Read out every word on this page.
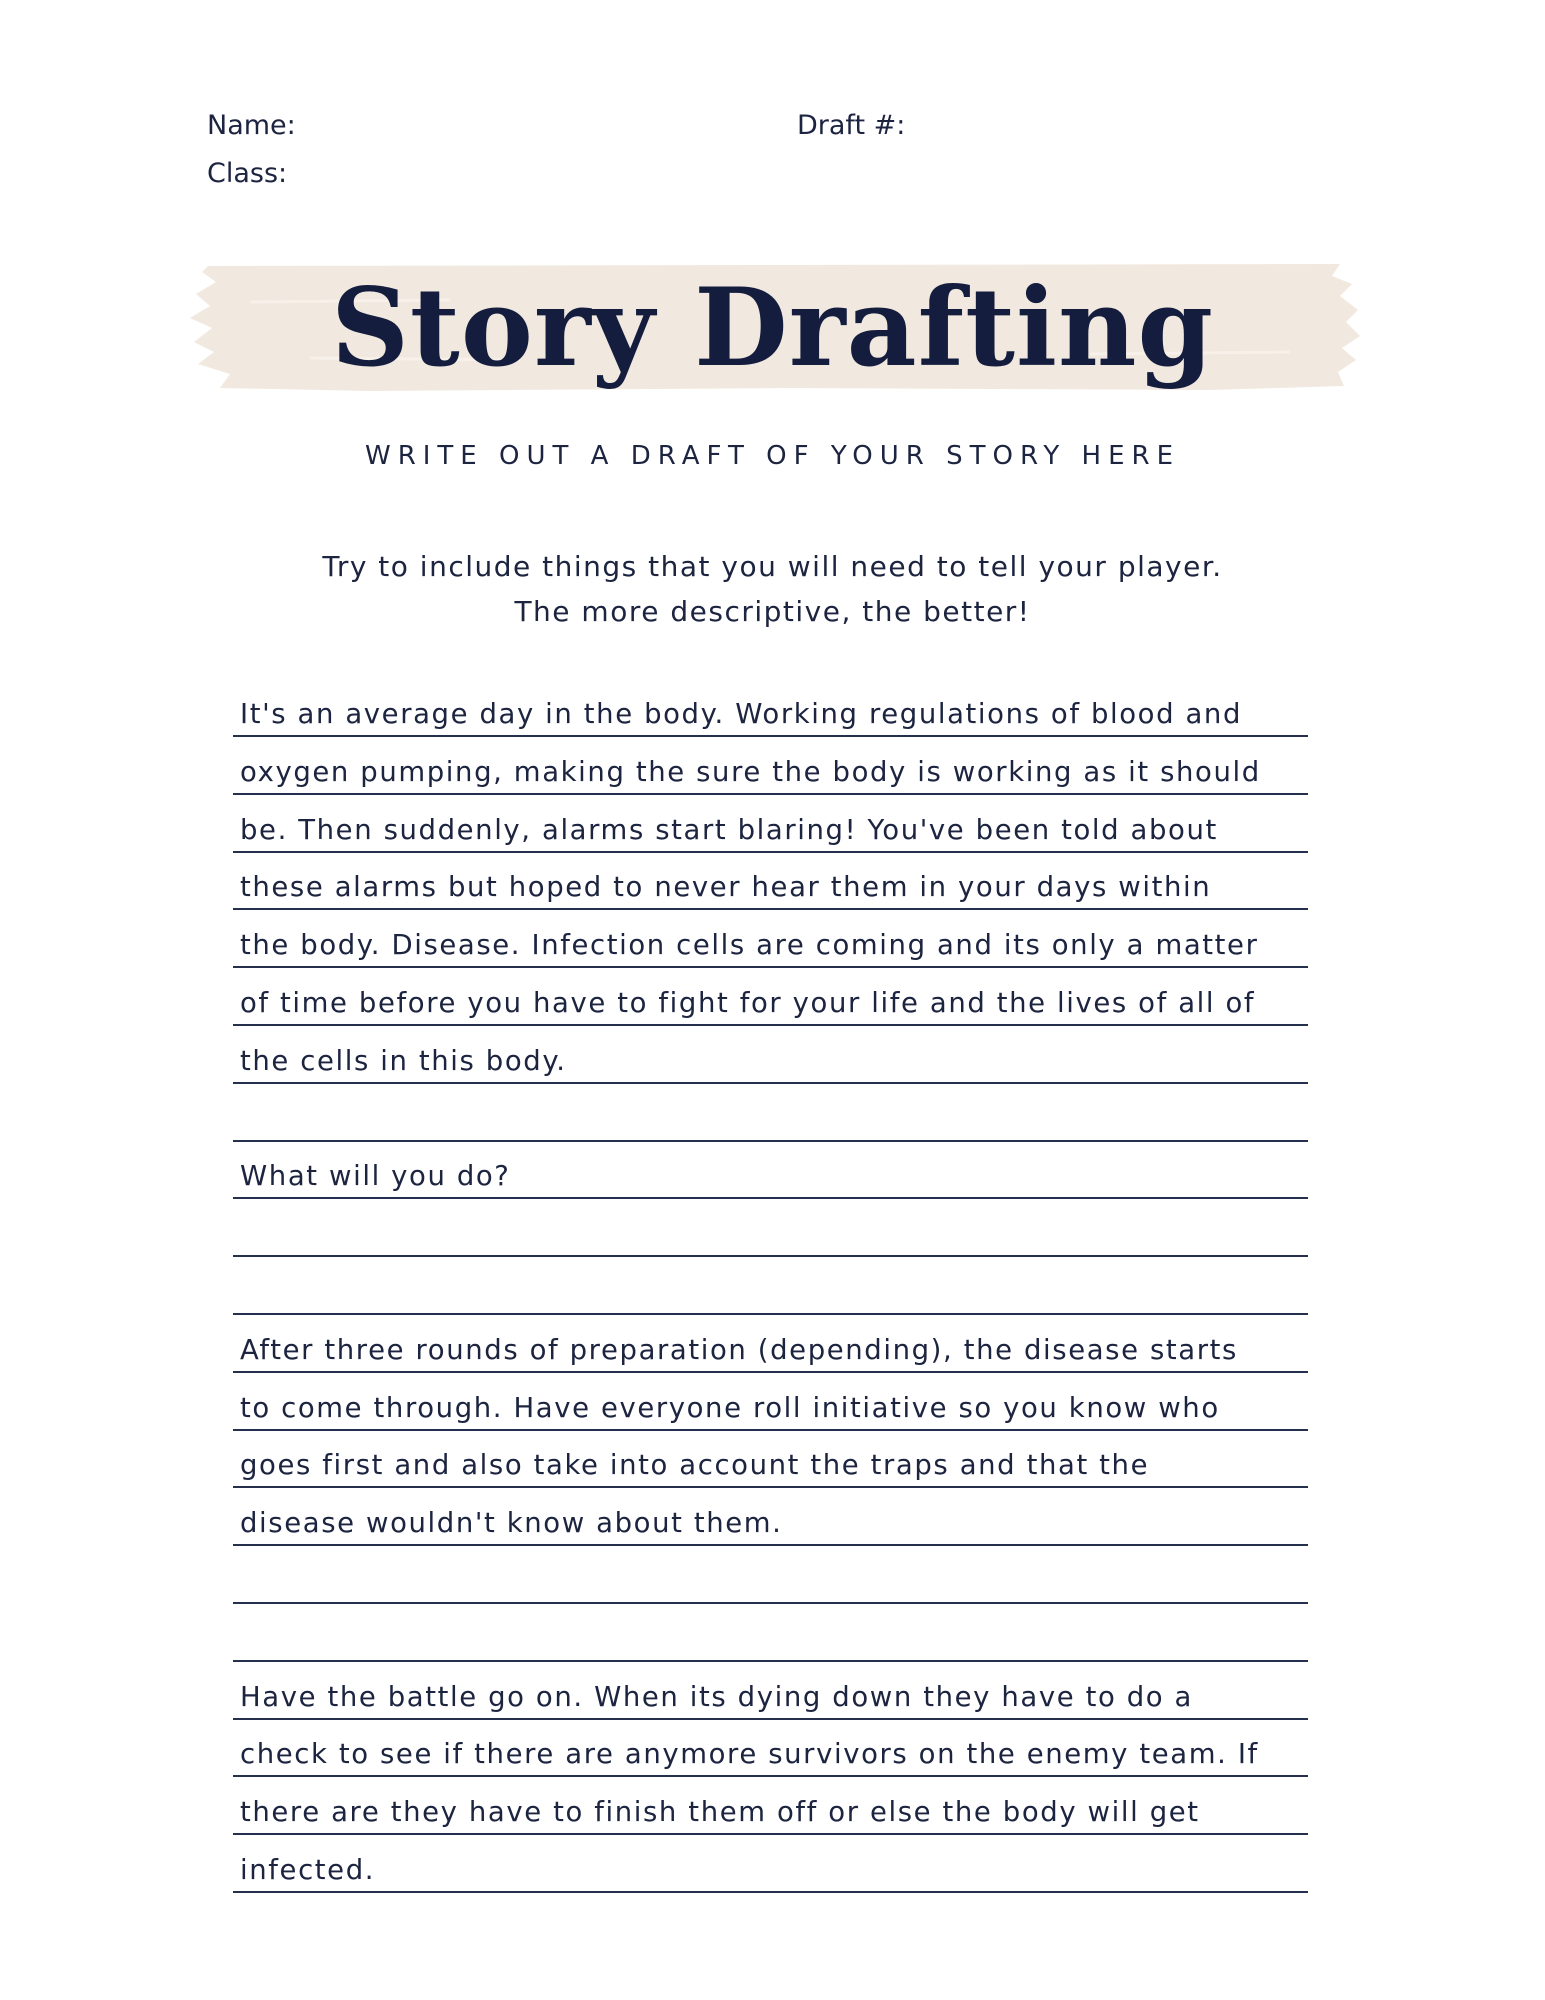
Name:
Class:
Draft #:
Story Drafting
WRITE OUT A DRAFT OF YOUR STORY HERE
Try to include things that you will need to tell your player.
The more descriptive, the better!
It's an average day in the body. Working regulations of blood and
oxygen pumping, making the sure the body is working as it should
be. Then suddenly, alarms start blaring! You've been told about
these alarms but hoped to never hear them in your days within
the body. Disease. Infection cells are coming and its only a matter
of time before you have to fight for your life and the lives of all of
the cells in this body.
What will you do?
After three rounds of preparation (depending), the disease starts
to come through. Have everyone roll initiative so you know who
goes first and also take into account the traps and that the
disease wouldn't know about them.
Have the battle go on. When its dying down they have to do a
check to see if there are anymore survivors on the enemy team. If
there are they have to finish them off or else the body will get
infected.
